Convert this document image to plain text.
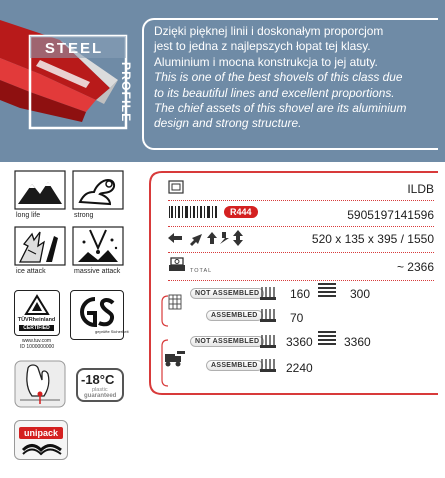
STEEL
PROFILE

Dzięki pięknej linii i doskonałym proporcjom

jest to jedna z najlepszych łopat tej klasy.

Aluminium i mocna konstrukcja to jej atuty.

This is one of the best shovels of this class due

to its beautiful lines and excellent proportions.

The chief assets of this shovel are its aluminium

design and strong structure.

long life	strong
ice attack	massive attack
TÜVRheinland
CERTIFIED
www.tuv.com
ID 1000000000
geprüfte Sicherheit
-18°C
plastic
guaranteed
unipack
ILDB
R444	5905197141596
520 x 135 x 395 / 1550
TOTAL	~ 2366
NOT ASSEMBLED	160	300
ASSEMBLED	70
NOT ASSEMBLED	3360	3360
ASSEMBLED	2240
